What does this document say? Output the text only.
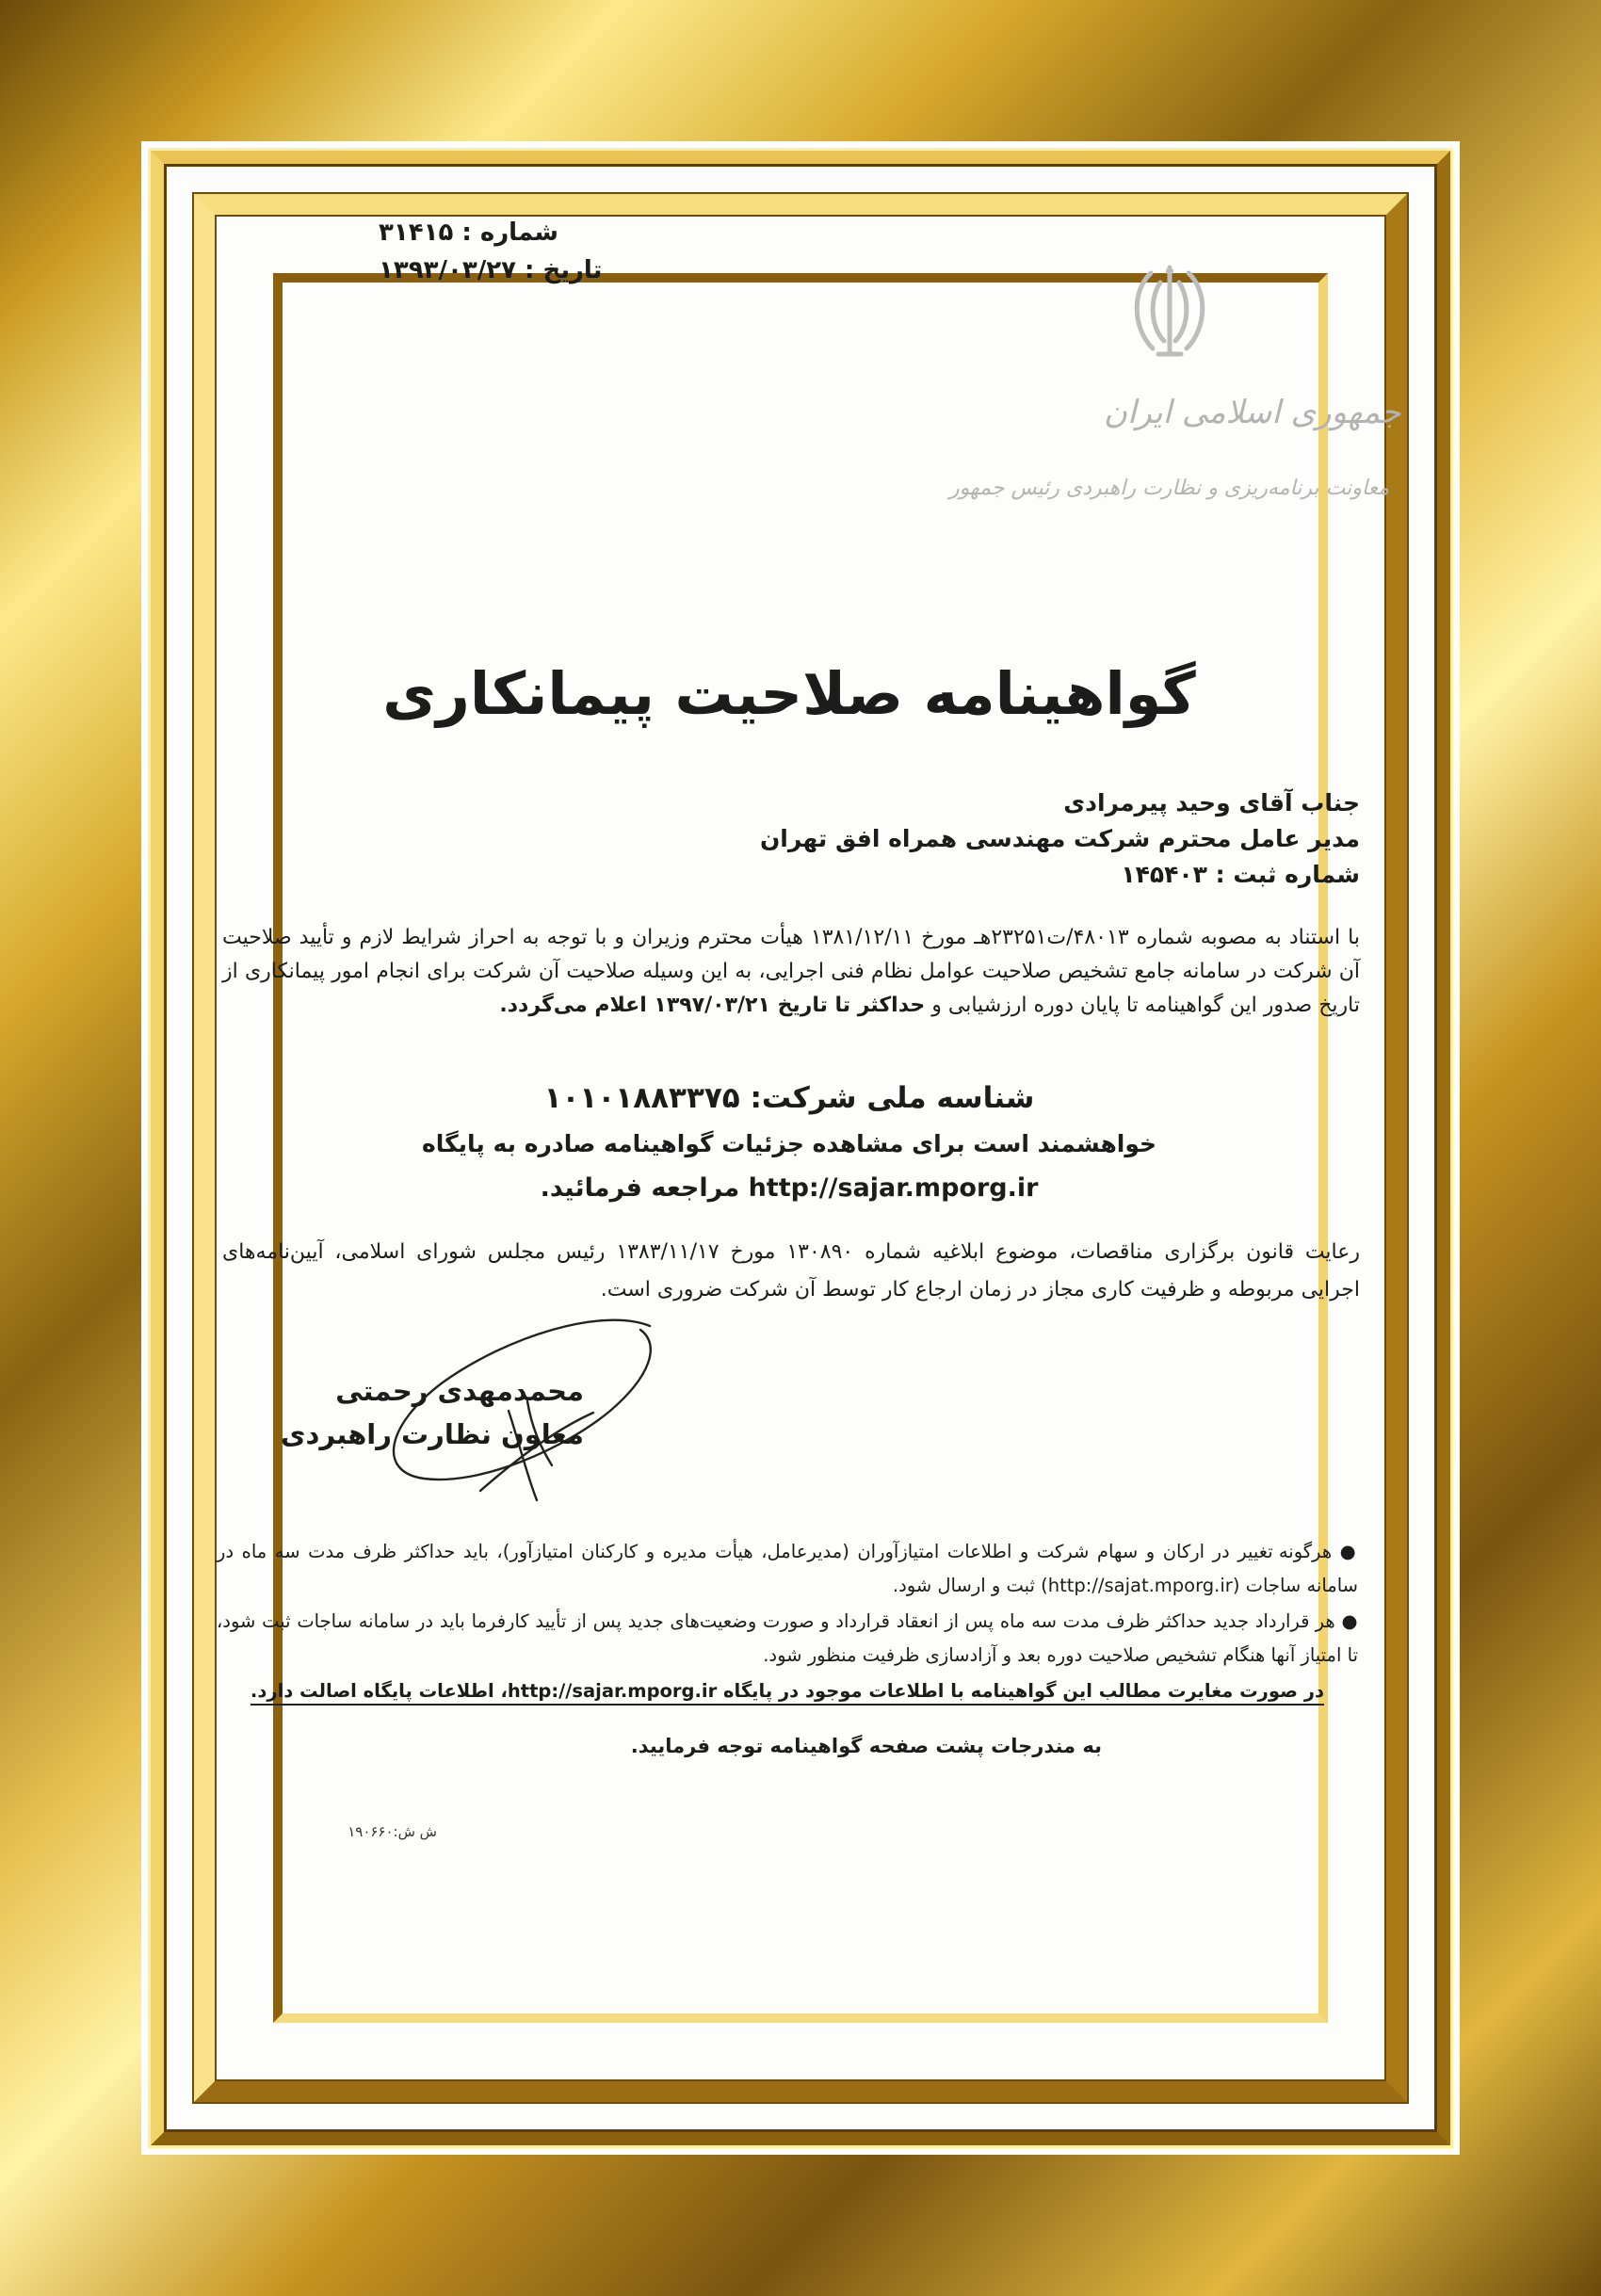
شماره : ۳۱۴۱۵
تاریخ : ۱۳۹۳/۰۳/۲۷
جمهوری اسلامی ایران
معاونت برنامه‌ریزی و نظارت راهبردی رئیس جمهور
گواهینامه صلاحیت پیمانکاری
جناب آقای وحید پیرمرادی
مدیر عامل محترم شرکت مهندسی همراه افق تهران
شماره ثبت : ۱۴۵۴۰۳
با استناد به مصوبه شماره ۴۸۰۱۳/ت۲۳۲۵۱هـ مورخ ۱۳۸۱/۱۲/۱۱ هیأت محترم وزیران و با توجه به احراز شرایط لازم و تأیید صلاحیت آن شرکت در سامانه جامع تشخیص صلاحیت عوامل نظام فنی اجرایی، به این وسیله صلاحیت آن شرکت برای انجام امور پیمانکاری از تاریخ صدور این گواهینامه تا پایان دوره ارزشیابی و حداکثر تا تاریخ ۱۳۹۷/۰۳/۲۱ اعلام می‌گردد.
شناسه ملی شرکت: ۱۰۱۰۱۸۸۳۳۷۵
خواهشمند است برای مشاهده جزئیات گواهینامه صادره به پایگاه
http://sajar.mporg.ir مراجعه فرمائید.
رعایت قانون برگزاری مناقصات، موضوع ابلاغیه شماره ۱۳۰۸۹۰ مورخ ۱۳۸۳/۱۱/۱۷ رئیس مجلس شورای اسلامی، آیین‌نامه‌های اجرایی مربوطه و ظرفیت کاری مجاز در زمان ارجاع کار توسط آن شرکت ضروری است.
محمدمهدی رحمتی
معاون نظارت راهبردی
● هرگونه تغییر در ارکان و سهام شرکت و اطلاعات امتیازآوران (مدیرعامل، هیأت مدیره و کارکنان امتیازآور)، باید حداکثر ظرف مدت سه ماه در سامانه ساجات (http://sajat.mporg.ir) ثبت و ارسال شود.
● هر قرارداد جدید حداکثر ظرف مدت سه ماه پس از انعقاد قرارداد و صورت وضعیت‌های جدید پس از تأیید کارفرما باید در سامانه ساجات ثبت شود، تا امتیاز آنها هنگام تشخیص صلاحیت دوره بعد و آزادسازی ظرفیت منظور شود.
در صورت مغایرت مطالب این گواهینامه با اطلاعات موجود در پایگاه http://sajar.mporg.ir، اطلاعات پایگاه اصالت دارد.
به مندرجات پشت صفحه گواهینامه توجه فرمایید.
ش ش:۱۹۰۶۶۰
